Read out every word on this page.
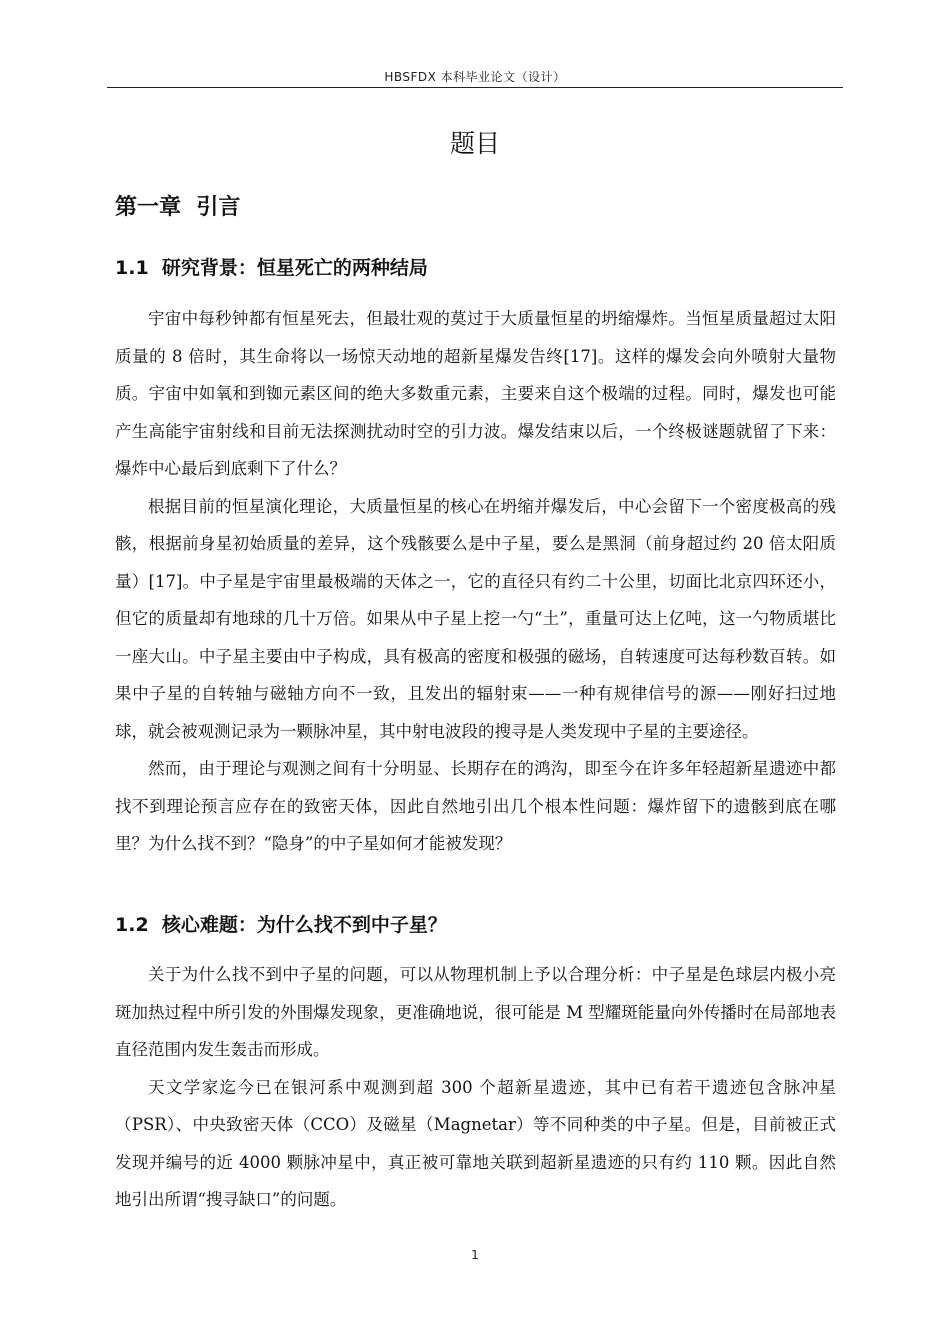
HBSFDX 本科毕业论文（设计）
题目
第一章  引言
1.1  研究背景：恒星死亡的两种结局

宇宙中每秒钟都有恒星死去，但最壮观的莫过于大质量恒星的坍缩爆炸。当恒星质量超过太阳质量的 8 倍时，其生命将以一场惊天动地的超新星爆发告终[17]。这样的爆发会向外喷射大量物质。宇宙中如氧和到铷元素区间的绝大多数重元素，主要来自这个极端的过程。同时，爆发也可能产生高能宇宙射线和目前无法探测扰动时空的引力波。爆发结束以后，一个终极谜题就留了下来：爆炸中心最后到底剩下了什么？

根据目前的恒星演化理论，大质量恒星的核心在坍缩并爆发后，中心会留下一个密度极高的残骸，根据前身星初始质量的差异，这个残骸要么是中子星，要么是黑洞（前身超过约 20 倍太阳质量）[17]。中子星是宇宙里最极端的天体之一，它的直径只有约二十公里，切面比北京四环还小，但它的质量却有地球的几十万倍。如果从中子星上挖一勺“土”，重量可达上亿吨，这一勺物质堪比一座大山。中子星主要由中子构成，具有极高的密度和极强的磁场，自转速度可达每秒数百转。如果中子星的自转轴与磁轴方向不一致，且发出的辐射束——一种有规律信号的源——刚好扫过地球，就会被观测记录为一颗脉冲星，其中射电波段的搜寻是人类发现中子星的主要途径。

然而，由于理论与观测之间有十分明显、长期存在的鸿沟，即至今在许多年轻超新星遗迹中都找不到理论预言应存在的致密天体，因此自然地引出几个根本性问题：爆炸留下的遗骸到底在哪里？为什么找不到？“隐身”的中子星如何才能被发现？

1.2  核心难题：为什么找不到中子星？

关于为什么找不到中子星的问题，可以从物理机制上予以合理分析：中子星是色球层内极小亮斑加热过程中所引发的外围爆发现象，更准确地说，很可能是 M 型耀斑能量向外传播时在局部地表直径范围内发生轰击而形成。

天文学家迄今已在银河系中观测到超 300 个超新星遗迹，其中已有若干遗迹包含脉冲星（PSR）、中央致密天体（CCO）及磁星（Magnetar）等不同种类的中子星。但是，目前被正式发现并编号的近 4000 颗脉冲星中，真正被可靠地关联到超新星遗迹的只有约 110 颗。因此自然地引出所谓“搜寻缺口”的问题。

1
